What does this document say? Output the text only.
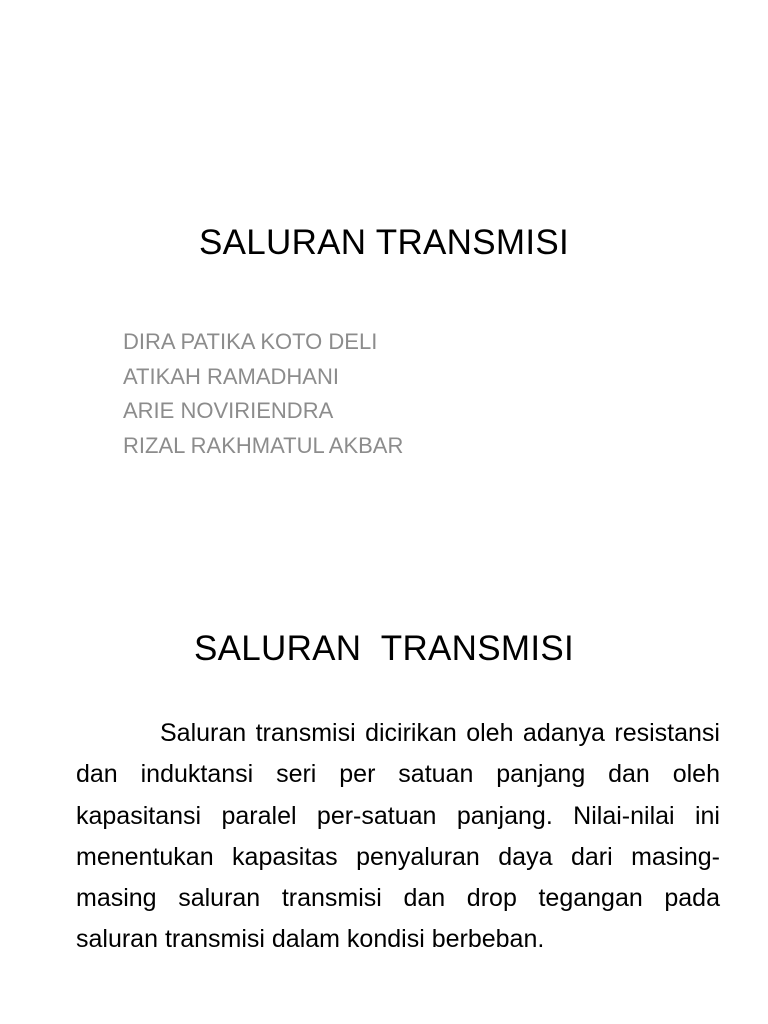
SALURAN TRANSMISI
DIRA PATIKA KOTO DELI
ATIKAH RAMADHANI
ARIE NOVIRIENDRA
RIZAL RAKHMATUL AKBAR
SALURAN  TRANSMISI

Saluran transmisi dicirikan oleh adanya resistansi dan induktansi seri per satuan panjang dan oleh kapasitansi paralel per-satuan panjang. Nilai-nilai ini menentukan kapasitas penyaluran daya dari masing-masing saluran transmisi dan drop tegangan pada saluran transmisi dalam kondisi berbeban.
